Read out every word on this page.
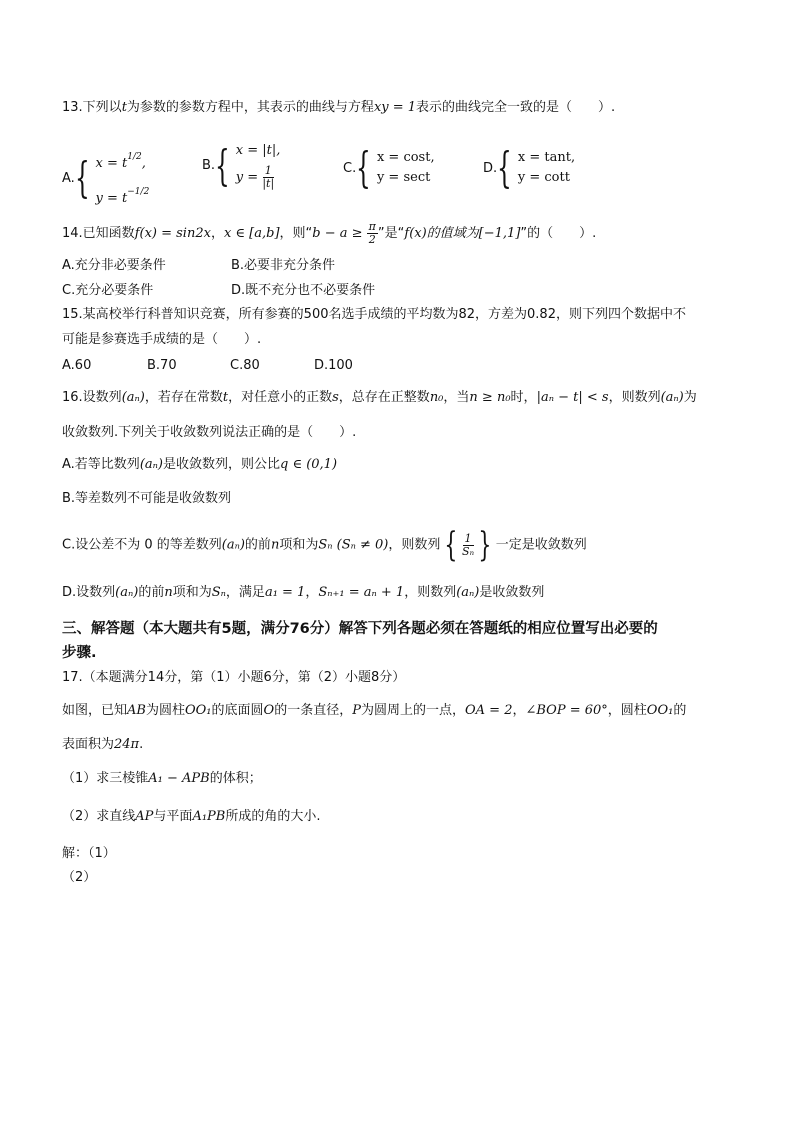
13.下列以t为参数的参数方程中，其表示的曲线与方程xy = 1表示的曲线完全一致的是（　　）.
A. { $x = t^{1/2}$,
$y = t^{-1/2}$
B. { x = |t|,
$y = \frac{1}{|t|}$	C. { x = cost,
y = sect
D. { x = tant,
y = cott
14.已知函数f(x) = sin2x，x ∈ [a,b]，则“$b - a \ge \frac{\pi}{2}$ ”是“f(x)的值域为[−1,1]”的（　　）.
A.充分非必要条件	B.必要非充分条件
C.充分必要条件	D.既不充分也不必要条件
15.某高校举行科普知识竞赛，所有参赛的500名选手成绩的平均数为82，方差为0.82，则下列四个数据中不
可能是参赛选手成绩的是（　　）.
A.60	B.70	C.80	D.100
16.设数列(aₙ)，若存在常数t，对任意小的正数s，总存在正整数n₀，当n ≥ n₀时，|aₙ − t| < s，则数列(aₙ)为
收敛数列.下列关于收敛数列说法正确的是（　　）.
A.若等比数列(aₙ)是收敛数列，则公比q ∈ (0,1)
B.等差数列不可能是收敛数列
C.设公差不为 0 的等差数列(aₙ)的前n项和为Sₙ (Sₙ ≠ 0)，则数列 { $\frac{1}{\text{Sₙ}}$ } 一定是收敛数列
D.设数列(aₙ)的前n项和为Sₙ，满足a₁ = 1，Sₙ₊₁ = aₙ + 1，则数列(aₙ)是收敛数列
三、解答题（本大题共有5题，满分76分）解答下列各题必须在答题纸的相应位置写出必要的
步骤.
17.（本题满分14分，第（1）小题6分，第（2）小题8分）
如图，已知AB为圆柱OO₁的底面圆O的一条直径，P为圆周上的一点，OA = 2，∠BOP = 60°，圆柱OO₁的
表面积为24π.
（1）求三棱锥A₁ − APB的体积；
（2）求直线AP与平面A₁PB所成的角的大小.
解：（1）
（2）
